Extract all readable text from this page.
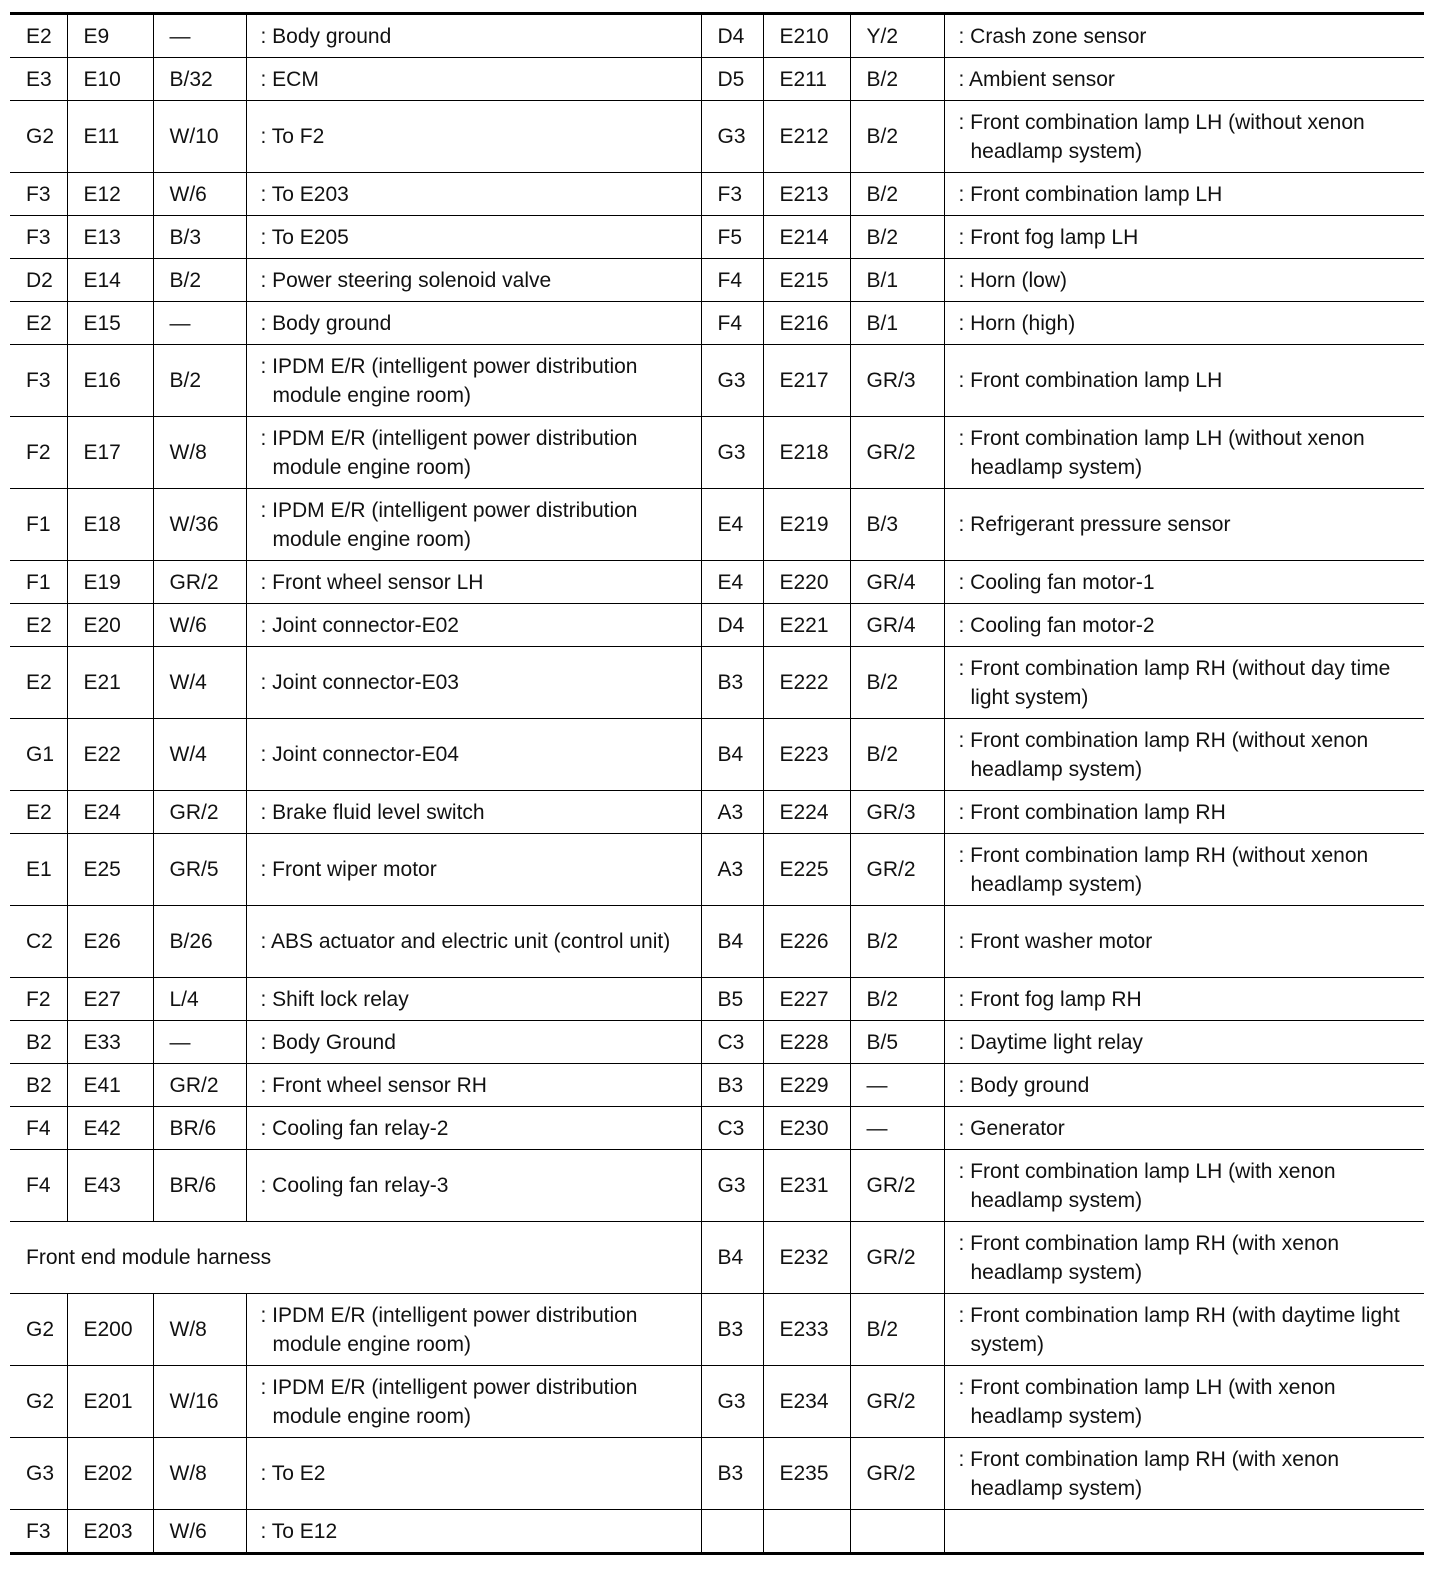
E2	E9	—	: Body ground	D4	E210	Y/2	: Crash zone sensor

E3	E10	B/32	: ECM	D5	E211	B/2	: Ambient sensor

G2	E11	W/10	: To F2	G3	E212	B/2	: Front combination lamp LH (without xenon headlamp system)

F3	E12	W/6	: To E203	F3	E213	B/2	: Front combination lamp LH

F3	E13	B/3	: To E205	F5	E214	B/2	: Front fog lamp LH

D2	E14	B/2	: Power steering solenoid valve	F4	E215	B/1	: Horn (low)

E2	E15	—	: Body ground	F4	E216	B/1	: Horn (high)

F3	E16	B/2	: IPDM E/R (intelligent power distribution module engine room)	G3	E217	GR/3	: Front combination lamp LH

F2	E17	W/8	: IPDM E/R (intelligent power distribution module engine room)	G3	E218	GR/2	: Front combination lamp LH (without xenon headlamp system)

F1	E18	W/36	: IPDM E/R (intelligent power distribution module engine room)	E4	E219	B/3	: Refrigerant pressure sensor

F1	E19	GR/2	: Front wheel sensor LH	E4	E220	GR/4	: Cooling fan motor-1

E2	E20	W/6	: Joint connector-E02	D4	E221	GR/4	: Cooling fan motor-2

E2	E21	W/4	: Joint connector-E03	B3	E222	B/2	: Front combination lamp RH (without day time light system)

G1	E22	W/4	: Joint connector-E04	B4	E223	B/2	: Front combination lamp RH (without xenon headlamp system)

E2	E24	GR/2	: Brake fluid level switch	A3	E224	GR/3	: Front combination lamp RH

E1	E25	GR/5	: Front wiper motor	A3	E225	GR/2	: Front combination lamp RH (without xenon headlamp system)

C2	E26	B/26	: ABS actuator and electric unit (control unit)	B4	E226	B/2	: Front washer motor

F2	E27	L/4	: Shift lock relay	B5	E227	B/2	: Front fog lamp RH

B2	E33	—	: Body Ground	C3	E228	B/5	: Daytime light relay

B2	E41	GR/2	: Front wheel sensor RH	B3	E229	—	: Body ground

F4	E42	BR/6	: Cooling fan relay-2	C3	E230	—	: Generator

F4	E43	BR/6	: Cooling fan relay-3	G3	E231	GR/2	: Front combination lamp LH (with xenon headlamp system)

Front end module harness				B4	E232	GR/2	: Front combination lamp RH (with xenon headlamp system)

G2	E200	W/8	: IPDM E/R (intelligent power distribution module engine room)	B3	E233	B/2	: Front combination lamp RH (with daytime light system)

G2	E201	W/16	: IPDM E/R (intelligent power distribution module engine room)	G3	E234	GR/2	: Front combination lamp LH (with xenon headlamp system)

G3	E202	W/8	: To E2	B3	E235	GR/2	: Front combination lamp RH (with xenon headlamp system)

F3	E203	W/6	: To E12				
